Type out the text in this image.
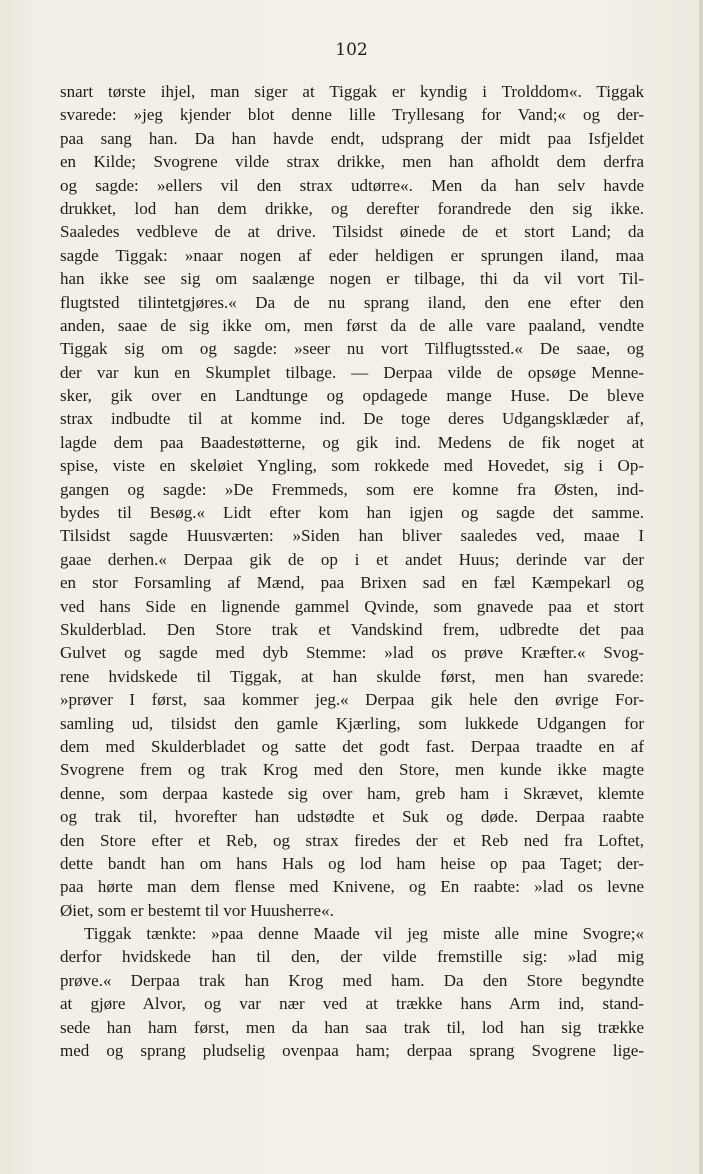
102

snart tørste ihjel, man siger at Tiggak er kyndig i Trolddom«. Tiggak
svarede: »jeg kjender blot denne lille Tryllesang for Vand;« og der-
paa sang han. Da han havde endt, udsprang der midt paa Isfjeldet
en Kilde; Svogrene vilde strax drikke, men han afholdt dem derfra
og sagde: »ellers vil den strax udtørre«. Men da han selv havde
drukket, lod han dem drikke, og derefter forandrede den sig ikke.
Saaledes vedbleve de at drive. Tilsidst øinede de et stort Land; da
sagde Tiggak: »naar nogen af eder heldigen er sprungen iland, maa
han ikke see sig om saalænge nogen er tilbage, thi da vil vort Til-
flugtsted tilintetgjøres.« Da de nu sprang iland, den ene efter den
anden, saae de sig ikke om, men først da de alle vare paaland, vendte
Tiggak sig om og sagde: »seer nu vort Tilflugtssted.« De saae, og
der var kun en Skumplet tilbage. — Derpaa vilde de opsøge Menne-
sker, gik over en Landtunge og opdagede mange Huse. De bleve
strax indbudte til at komme ind. De toge deres Udgangsklæder af,
lagde dem paa Baadestøtterne, og gik ind. Medens de fik noget at
spise, viste en skeløiet Yngling, som rokkede med Hovedet, sig i Op-
gangen og sagde: »De Fremmeds, som ere komne fra Østen, ind-
bydes til Besøg.« Lidt efter kom han igjen og sagde det samme.
Tilsidst sagde Huusværten: »Siden han bliver saaledes ved, maae I
gaae derhen.« Derpaa gik de op i et andet Huus; derinde var der
en stor Forsamling af Mænd, paa Brixen sad en fæl Kæmpekarl og
ved hans Side en lignende gammel Qvinde, som gnavede paa et stort
Skulderblad. Den Store trak et Vandskind frem, udbredte det paa
Gulvet og sagde med dyb Stemme: »lad os prøve Kræfter.« Svog-
rene hvidskede til Tiggak, at han skulde først, men han svarede:
»prøver I først, saa kommer jeg.« Derpaa gik hele den øvrige For-
samling ud, tilsidst den gamle Kjærling, som lukkede Udgangen for
dem med Skulderbladet og satte det godt fast. Derpaa traadte en af
Svogrene frem og trak Krog med den Store, men kunde ikke magte
denne, som derpaa kastede sig over ham, greb ham i Skrævet, klemte
og trak til, hvorefter han udstødte et Suk og døde. Derpaa raabte
den Store efter et Reb, og strax firedes der et Reb ned fra Loftet,
dette bandt han om hans Hals og lod ham heise op paa Taget; der-
paa hørte man dem flense med Knivene, og En raabte: »lad os levne
Øiet, som er bestemt til vor Huusherre«.
Tiggak tænkte: »paa denne Maade vil jeg miste alle mine Svogre;«
derfor hvidskede han til den, der vilde fremstille sig: »lad mig
prøve.« Derpaa trak han Krog med ham. Da den Store begyndte
at gjøre Alvor, og var nær ved at trække hans Arm ind, stand-
sede han ham først, men da han saa trak til, lod han sig trække
med og sprang pludselig ovenpaa ham; derpaa sprang Svogrene lige-
